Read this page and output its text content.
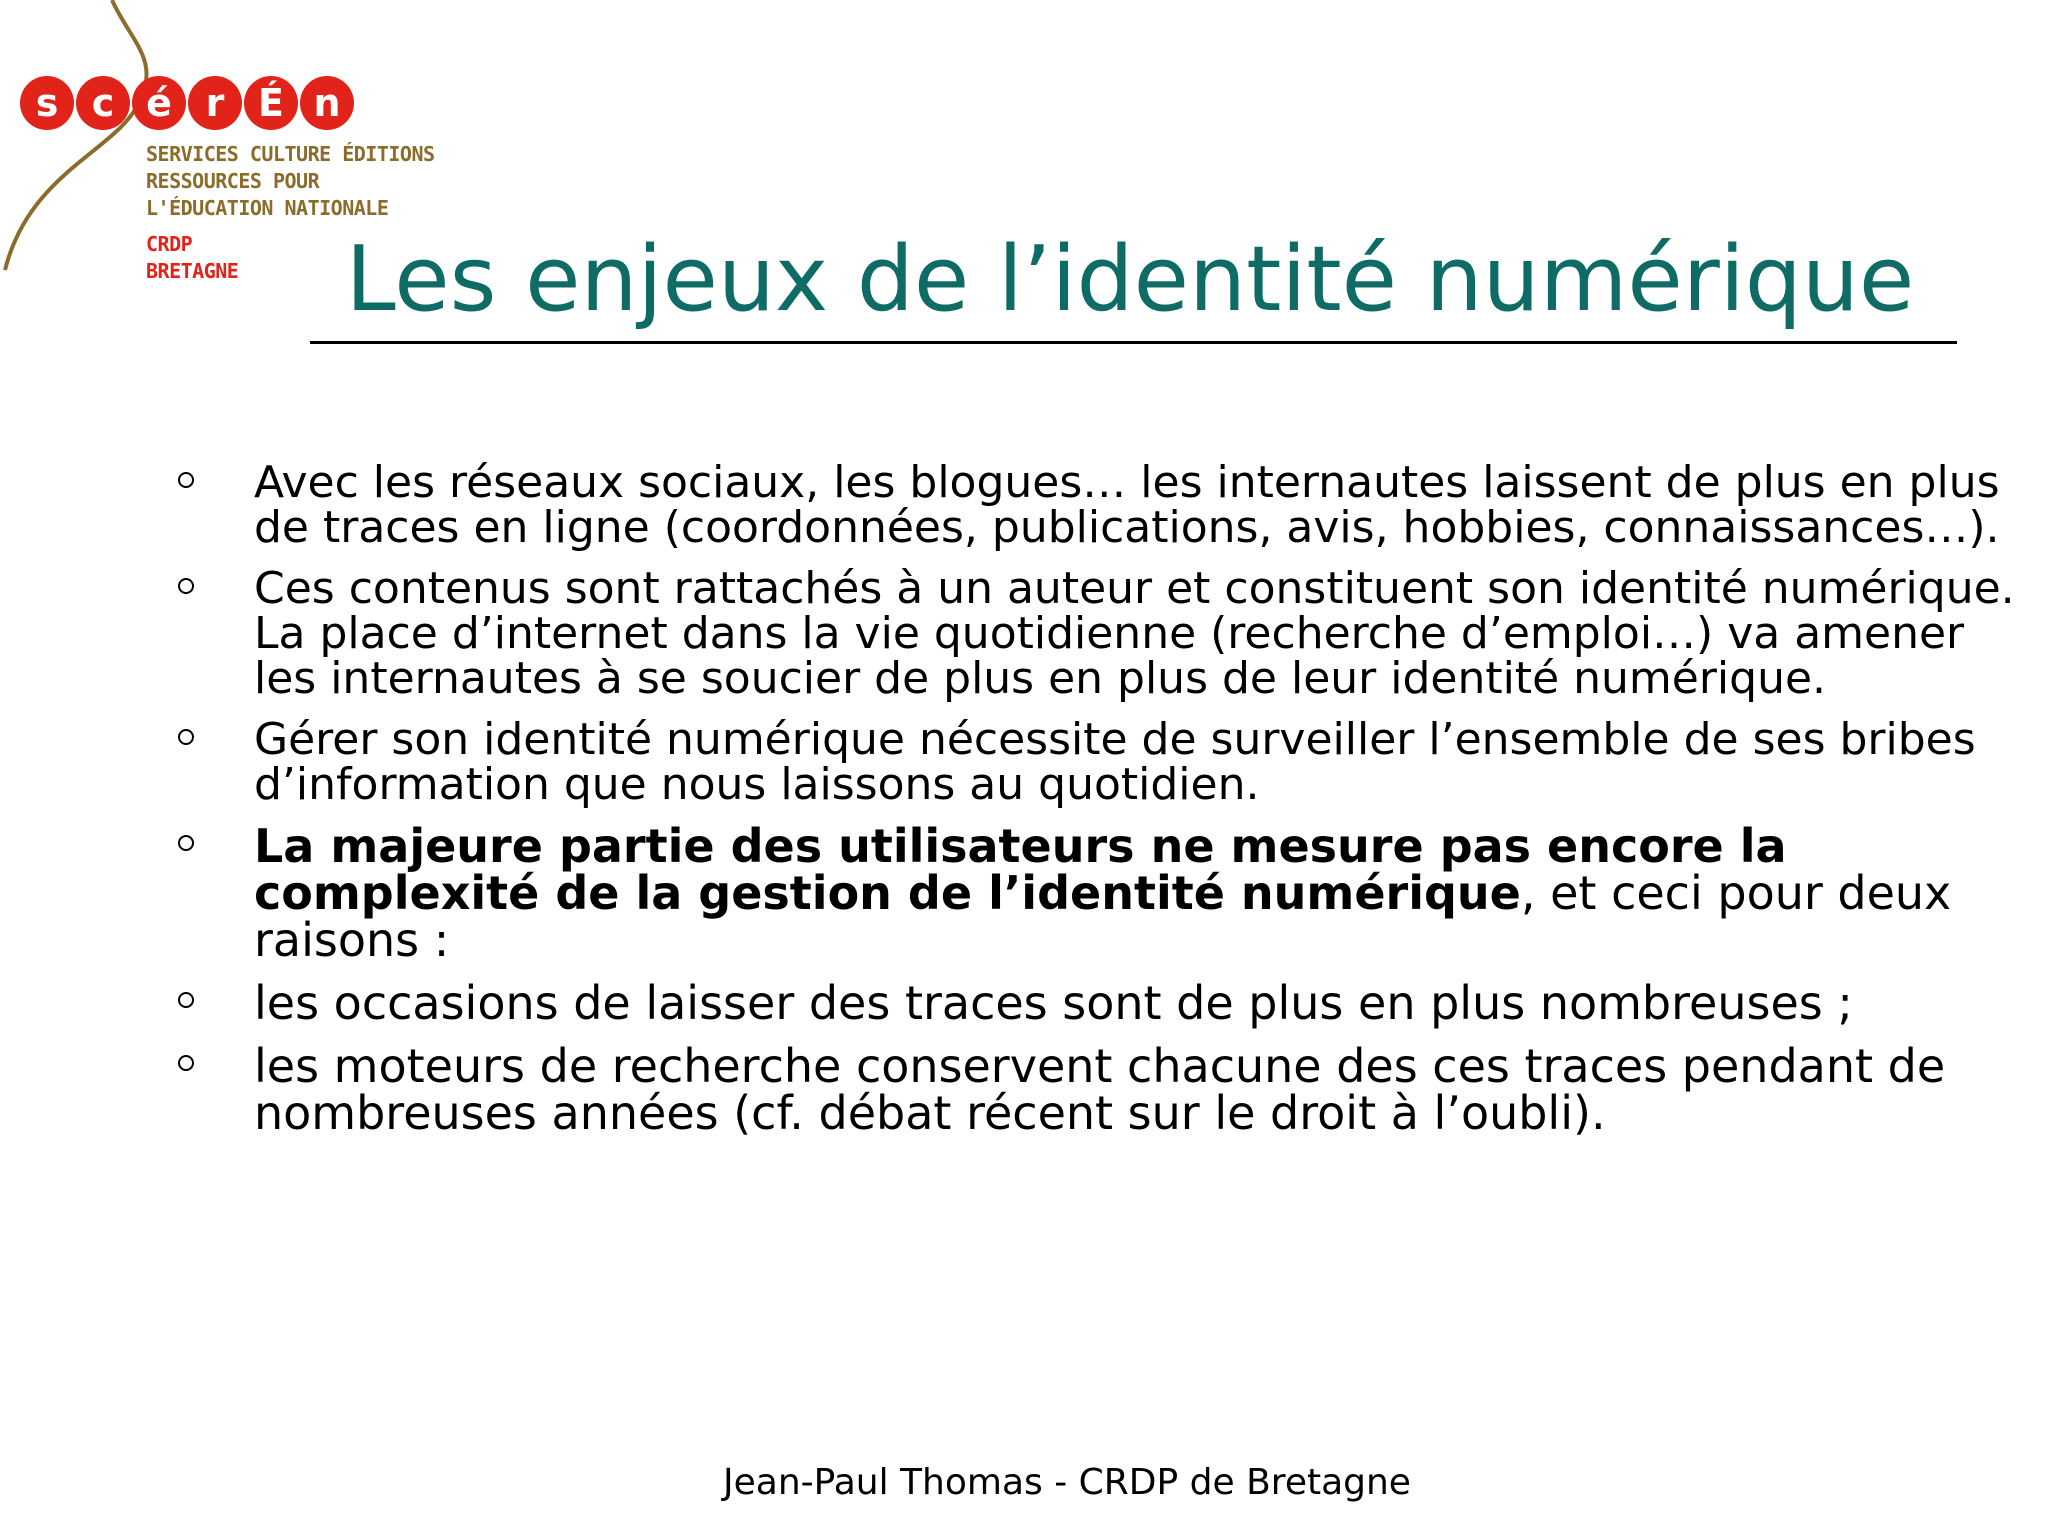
s c é r É n
SERVICES CULTURE ÉDITIONS
RESSOURCES POUR
L'ÉDUCATION NATIONALE
CRDP
BRETAGNE	Les enjeux de l’identité numérique
Avec les réseaux sociaux, les blogues… les internautes laissent de plus en plus de traces en ligne (coordonnées, publications, avis, hobbies, connaissances…).
Ces contenus sont rattachés à un auteur et constituent son identité numérique. La place d’internet dans la vie quotidienne (recherche d’emploi…) va amener les internautes à se soucier de plus en plus de leur identité numérique.
Gérer son identité numérique nécessite de surveiller l’ensemble de ses bribes d’information que nous laissons au quotidien.
La majeure partie des utilisateurs ne mesure pas encore la complexité de la gestion de l’identité numérique, et ceci pour deux raisons :
les occasions de laisser des traces sont de plus en plus nombreuses ;
les moteurs de recherche conservent chacune des ces traces pendant de nombreuses années (cf. débat récent sur le droit à l’oubli).
Jean-Paul Thomas - CRDP de Bretagne
